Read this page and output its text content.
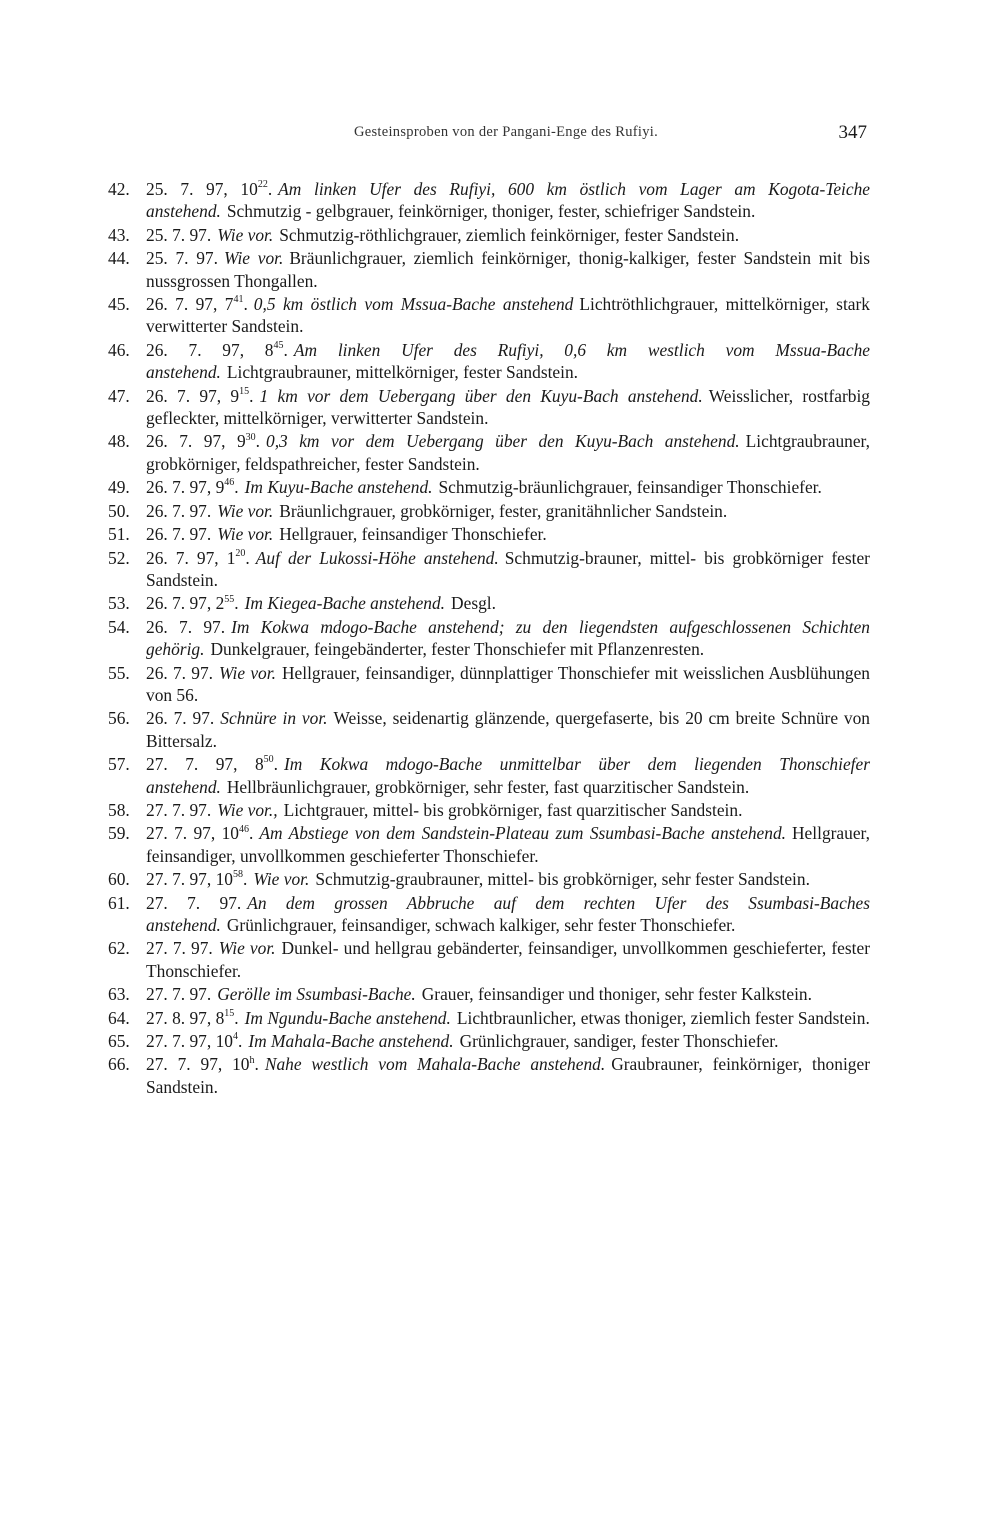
Gesteinsproben von der Pangani-Enge des Rufiyi.	347
42. 25. 7. 97, $10^{22}$. Am linken Ufer des Rufiyi, 600 km östlich vom Lager am Kogota-Teiche anstehend. Schmutzig - gelbgrauer, feinkörniger, thoniger, fester, schiefriger Sandstein.
43. 25. 7. 97. Wie vor. Schmutzig-röthlichgrauer, ziemlich feinkörniger, fester Sandstein.
44. 25. 7. 97. Wie vor. Bräunlichgrauer, ziemlich feinkörniger, thonig-kalkiger, fester Sandstein mit bis nussgrossen Thongallen.
45. 26. 7. 97, $7^{41}$. 0,5 km östlich vom Mssua-Bache anstehend Lichtröthlichgrauer, mittelkörniger, stark verwitterter Sandstein.
46. 26. 7. 97, $8^{45}$. Am linken Ufer des Rufiyi, 0,6 km westlich vom Mssua-Bache anstehend. Lichtgraubrauner, mittelkörniger, fester Sandstein.
47. 26. 7. 97, $9^{15}$. 1 km vor dem Uebergang über den Kuyu-Bach anstehend. Weisslicher, rostfarbig gefleckter, mittelkörniger, verwitterter Sandstein.
48. 26. 7. 97, $9^{30}$. 0,3 km vor dem Uebergang über den Kuyu-Bach anstehend. Lichtgraubrauner, grobkörniger, feldspathreicher, fester Sandstein.
49. 26. 7. 97, $9^{46}$. Im Kuyu-Bache anstehend. Schmutzig-bräunlichgrauer, feinsandiger Thonschiefer.
50. 26. 7. 97. Wie vor. Bräunlichgrauer, grobkörniger, fester, granitähnlicher Sandstein.
51. 26. 7. 97. Wie vor. Hellgrauer, feinsandiger Thonschiefer.
52. 26. 7. 97, $1^{20}$. Auf der Lukossi-Höhe anstehend. Schmutzig-brauner, mittel- bis grobkörniger fester Sandstein.
53. 26. 7. 97, $2^{55}$. Im Kiegea-Bache anstehend. Desgl.
54. 26. 7. 97. Im Kokwa mdogo-Bache anstehend; zu den liegendsten aufgeschlossenen Schichten gehörig. Dunkelgrauer, feingebänderter, fester Thonschiefer mit Pflanzenresten.
55. 26. 7. 97. Wie vor. Hellgrauer, feinsandiger, dünnplattiger Thonschiefer mit weisslichen Ausblühungen von 56.
56. 26. 7. 97. Schnüre in vor. Weisse, seidenartig glänzende, quergefaserte, bis 20 cm breite Schnüre von Bittersalz.
57. 27. 7. 97, $8^{50}$. Im Kokwa mdogo-Bache unmittelbar über dem liegenden Thonschiefer anstehend. Hellbräunlichgrauer, grobkörniger, sehr fester, fast quarzitischer Sandstein.
58. 27. 7. 97. Wie vor., Lichtgrauer, mittel- bis grobkörniger, fast quarzitischer Sandstein.
59. 27. 7. 97, $10^{46}$. Am Abstiege von dem Sandstein-Plateau zum Ssumbasi-Bache anstehend. Hellgrauer, feinsandiger, unvollkommen geschieferter Thonschiefer.
60. 27. 7. 97, $10^{58}$. Wie vor. Schmutzig-graubrauner, mittel- bis grobkörniger, sehr fester Sandstein.
61. 27. 7. 97. An dem grossen Abbruche auf dem rechten Ufer des Ssumbasi-Baches anstehend. Grünlichgrauer, feinsandiger, schwach kalkiger, sehr fester Thonschiefer.
62. 27. 7. 97. Wie vor. Dunkel- und hellgrau gebänderter, feinsandiger, unvollkommen geschieferter, fester Thonschiefer.
63. 27. 7. 97. Gerölle im Ssumbasi-Bache. Grauer, feinsandiger und thoniger, sehr fester Kalkstein.
64. 27. 8. 97, $8^{15}$. Im Ngundu-Bache anstehend. Lichtbraunlicher, etwas thoniger, ziemlich fester Sandstein.
65. 27. 7. 97, $10^4$. Im Mahala-Bache anstehend. Grünlichgrauer, sandiger, fester Thonschiefer.
66. 27. 7. 97, 10$^h$. Nahe westlich vom Mahala-Bache anstehend. Graubrauner, feinkörniger, thoniger Sandstein.
